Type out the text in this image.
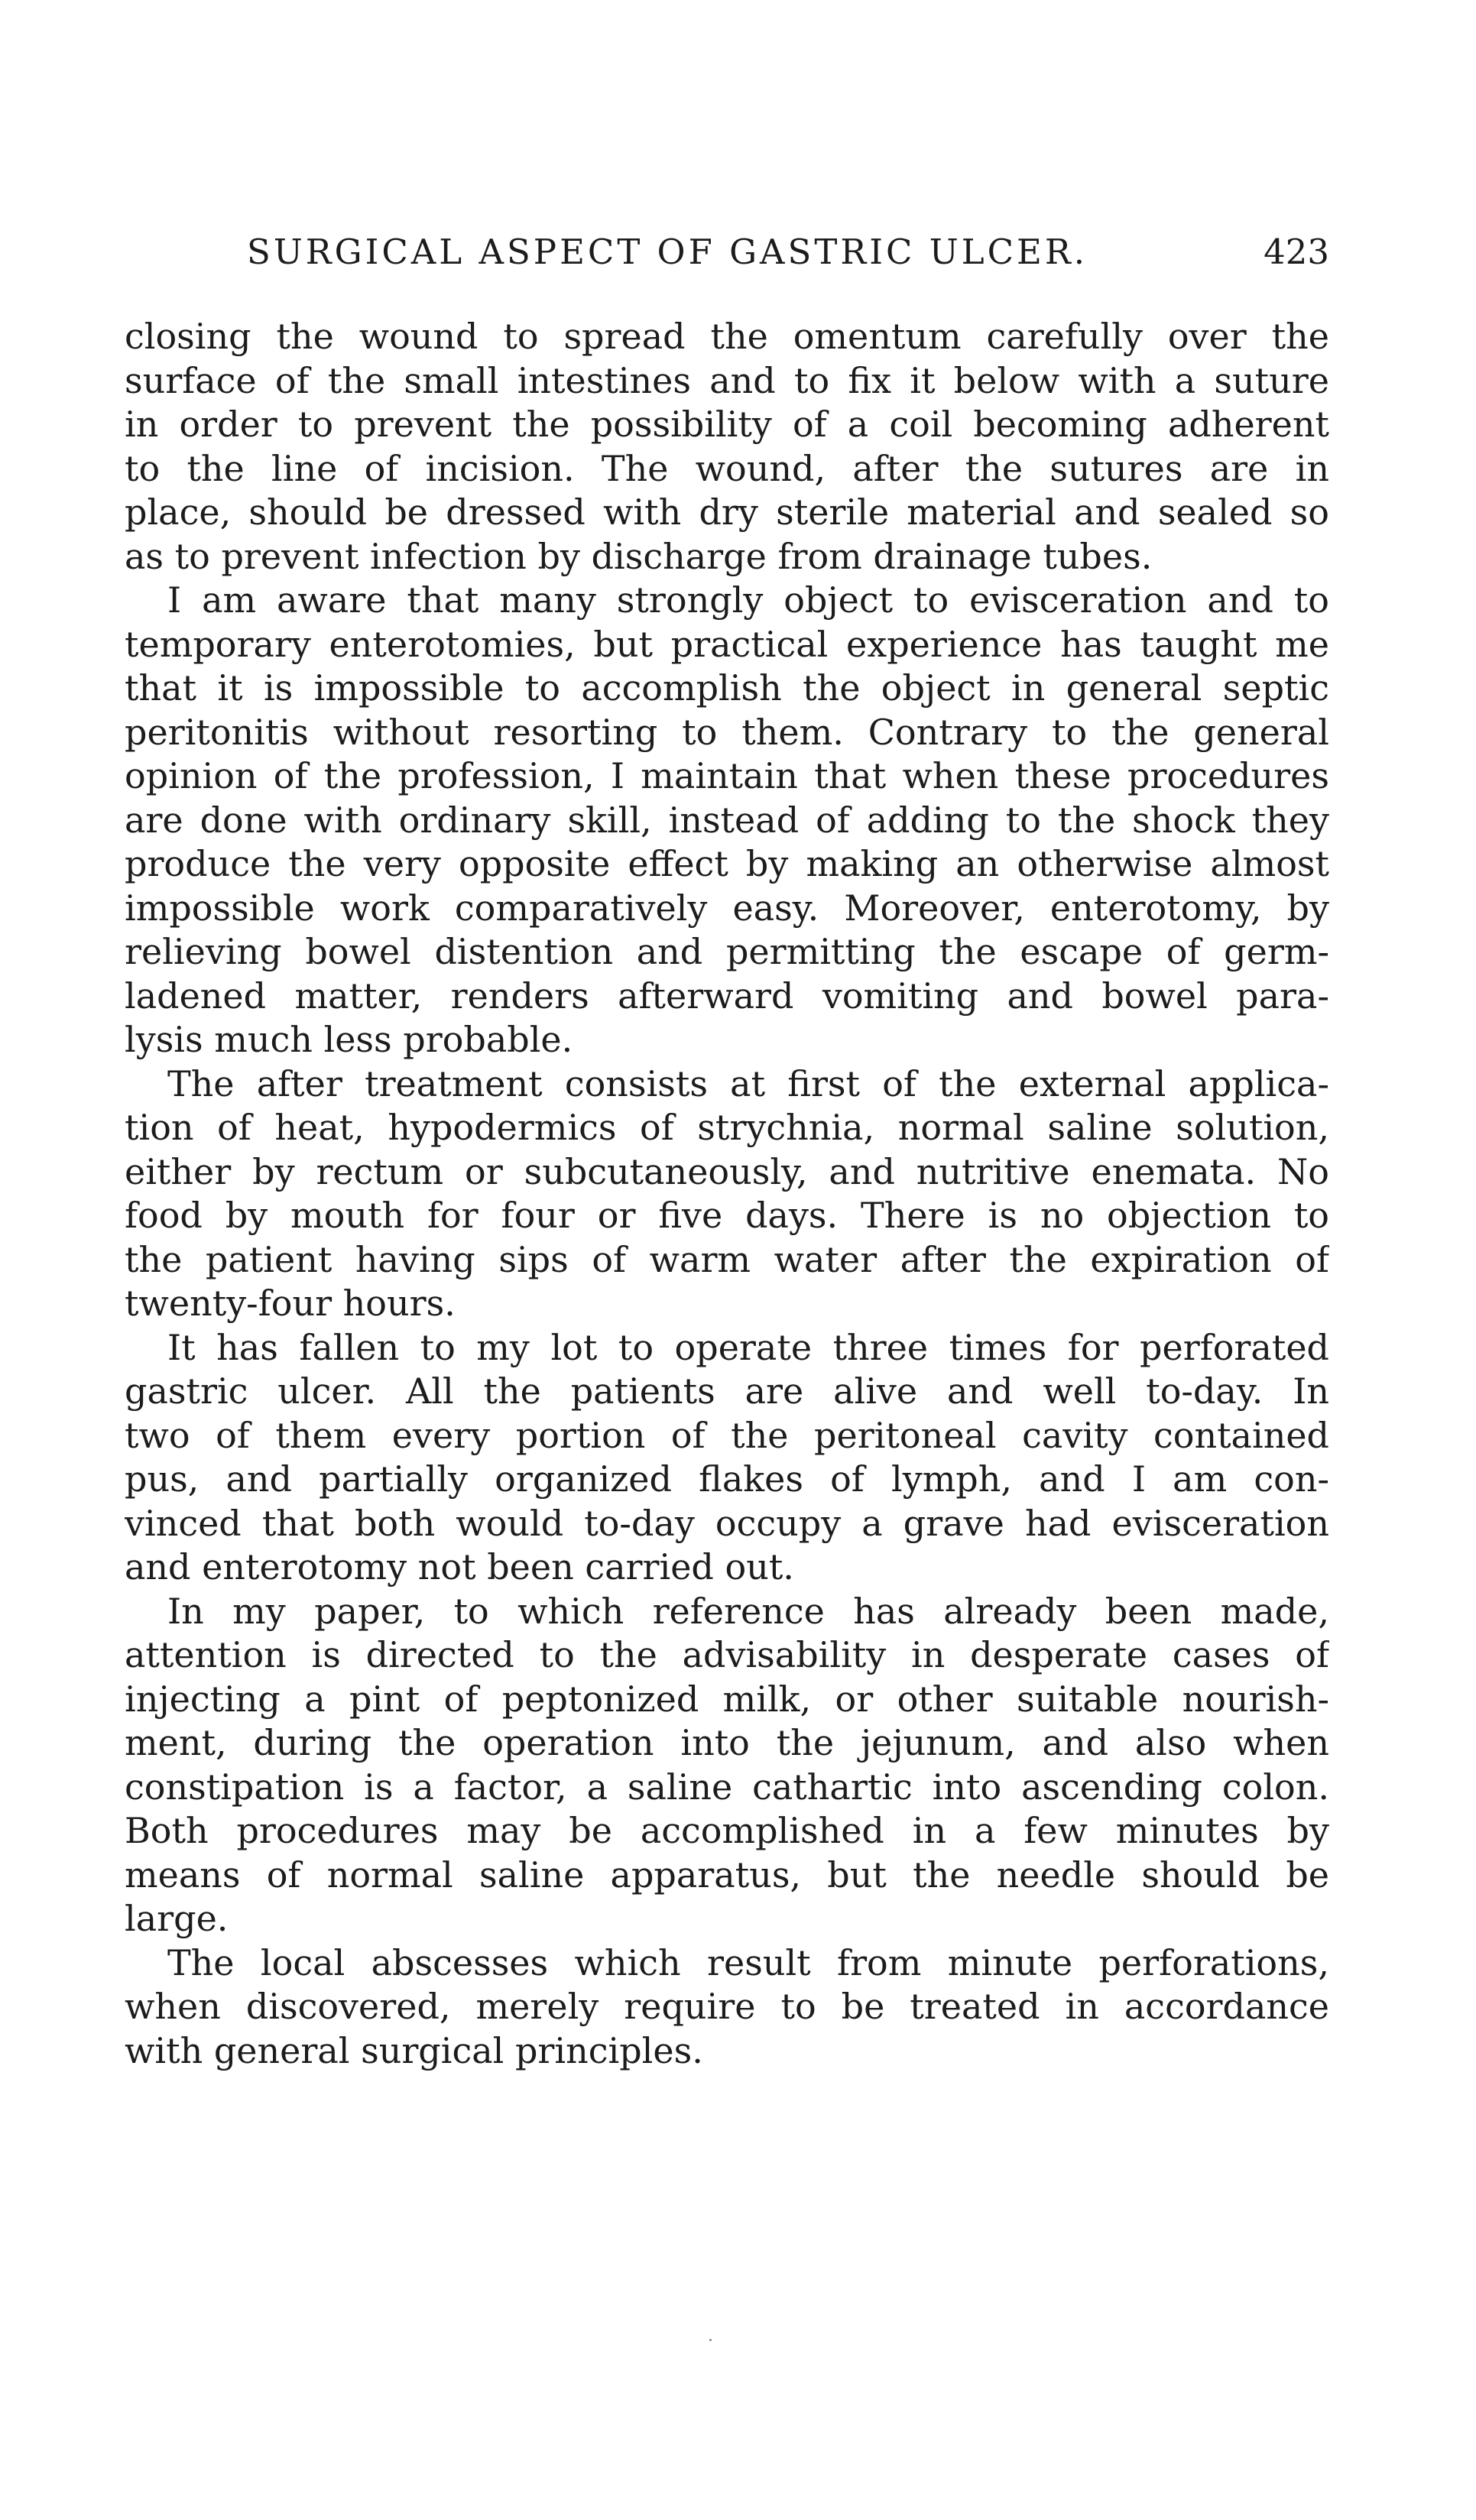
SURGICAL ASPECT OF GASTRIC ULCER.	423
closing the wound to spread the omentum carefully over the
surface of the small intestines and to fix it below with a suture
in order to prevent the possibility of a coil becoming adherent
to the line of incision. The wound, after the sutures are in
place, should be dressed with dry sterile material and sealed so
as to prevent infection by discharge from drainage tubes.
I am aware that many strongly object to evisceration and to
temporary enterotomies, but practical experience has taught me
that it is impossible to accomplish the object in general septic
peritonitis without resorting to them. Contrary to the general
opinion of the profession, I maintain that when these procedures
are done with ordinary skill, instead of adding to the shock they
produce the very opposite effect by making an otherwise almost
impossible work comparatively easy. Moreover, enterotomy, by
relieving bowel distention and permitting the escape of germ-
ladened matter, renders afterward vomiting and bowel para-
lysis much less probable.
The after treatment consists at first of the external applica-
tion of heat, hypodermics of strychnia, normal saline solution,
either by rectum or subcutaneously, and nutritive enemata. No
food by mouth for four or five days. There is no objection to
the patient having sips of warm water after the expiration of
twenty-four hours.
It has fallen to my lot to operate three times for perforated
gastric ulcer. All the patients are alive and well to-day. In
two of them every portion of the peritoneal cavity contained
pus, and partially organized flakes of lymph, and I am con-
vinced that both would to-day occupy a grave had evisceration
and enterotomy not been carried out.
In my paper, to which reference has already been made,
attention is directed to the advisability in desperate cases of
injecting a pint of peptonized milk, or other suitable nourish-
ment, during the operation into the jejunum, and also when
constipation is a factor, a saline cathartic into ascending colon.
Both procedures may be accomplished in a few minutes by
means of normal saline apparatus, but the needle should be
large.
The local abscesses which result from minute perforations,
when discovered, merely require to be treated in accordance
with general surgical principles.
